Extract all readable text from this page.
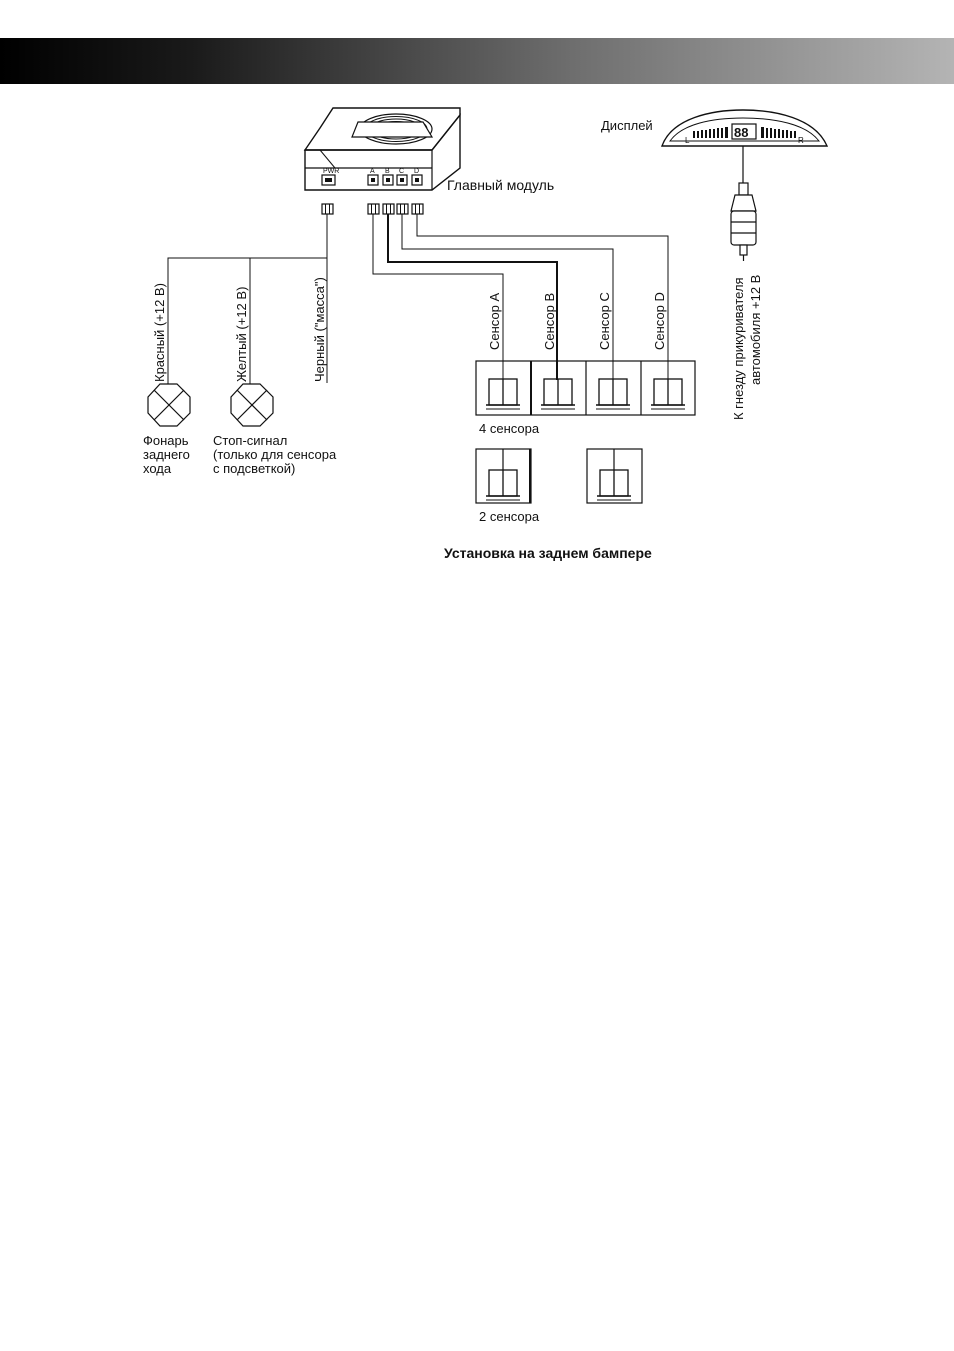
PWR	A B C D
Главный модуль
Красный (+12 В)	Желтый (+12 В)	Черный ("масса")
Фонарь
заднего
хода
Стоп-сигнал
(только для сенсора
с подсветкой)
Сенсор A	Сенсор B	Сенсор C	Сенсор D
4 сенсора
2 сенсора
Дисплей	88
L	R
К гнезду прикуривателя автомобиля +12 В
Установка на заднем бампере
